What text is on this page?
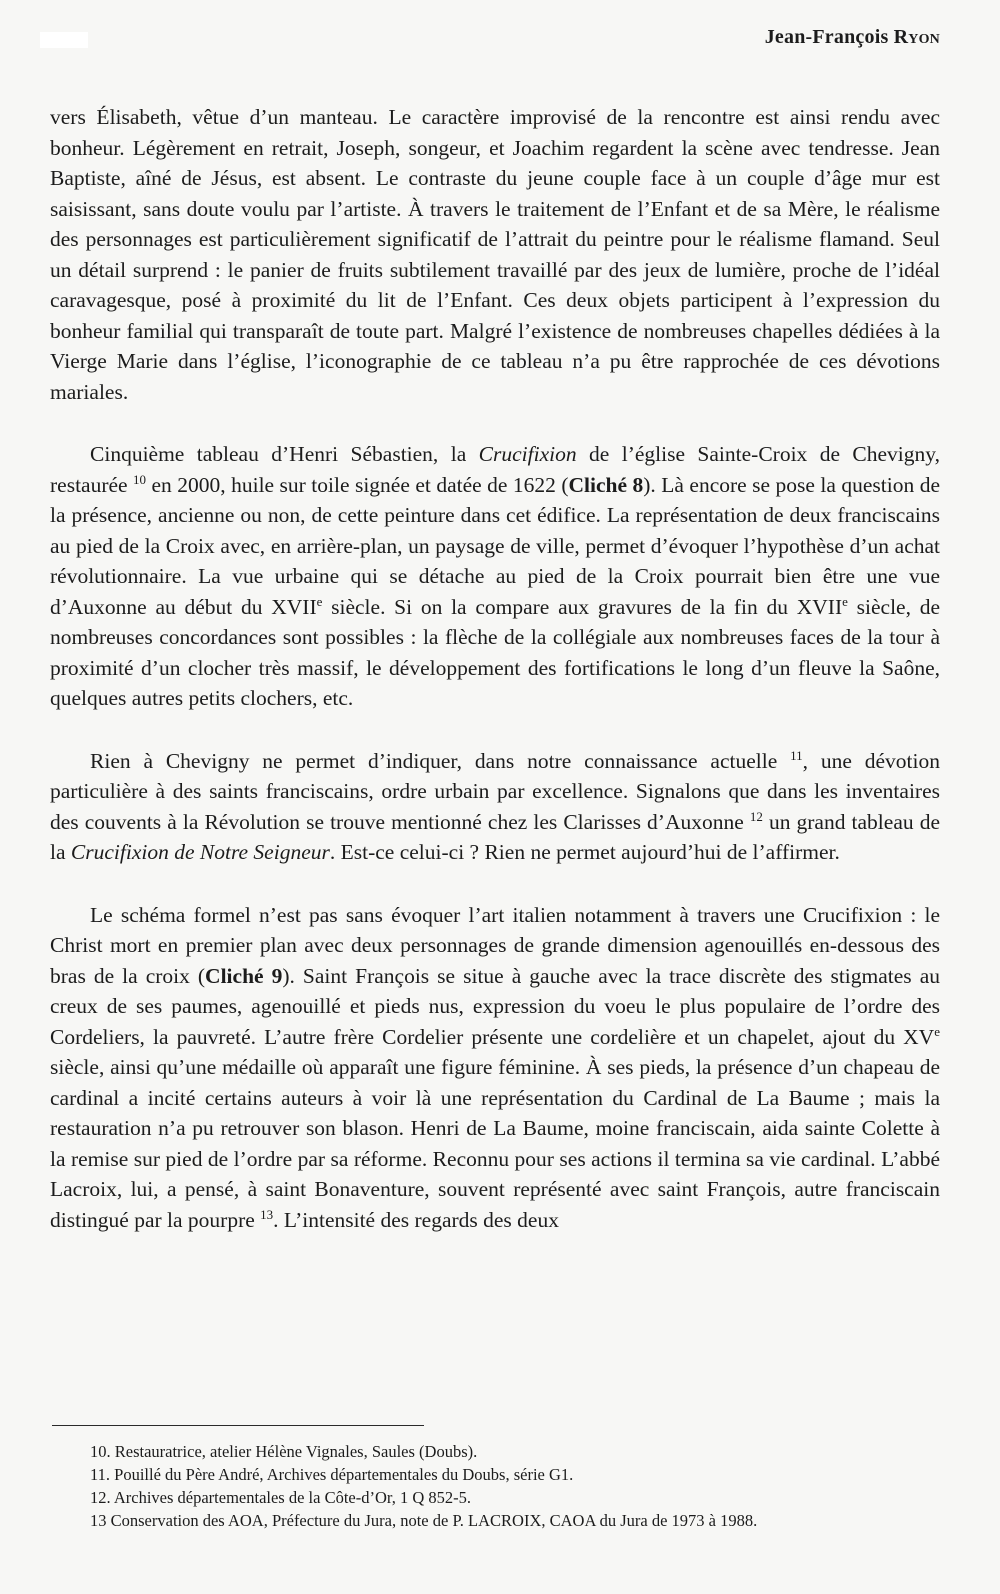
Jean-François Ryon

vers Élisabeth, vêtue d’un manteau. Le caractère improvisé de la rencontre est ainsi rendu avec bonheur. Légèrement en retrait, Joseph, songeur, et Joachim regardent la scène avec tendresse. Jean Baptiste, aîné de Jésus, est absent. Le contraste du jeune couple face à un couple d’âge mur est saisissant, sans doute voulu par l’artiste. À travers le traitement de l’Enfant et de sa Mère, le réalisme des personnages est particulièrement significatif de l’attrait du peintre pour le réalisme flamand. Seul un détail surprend : le panier de fruits subtilement travaillé par des jeux de lumière, proche de l’idéal caravagesque, posé à proximité du lit de l’Enfant. Ces deux objets participent à l’expression du bonheur familial qui transparaît de toute part. Malgré l’existence de nombreuses chapelles dédiées à la Vierge Marie dans l’église, l’iconographie de ce tableau n’a pu être rapprochée de ces dévotions mariales.

Cinquième tableau d’Henri Sébastien, la Crucifixion de l’église Sainte-Croix de Chevigny, restaurée $^{10}$ en 2000, huile sur toile signée et datée de 1622 (Cliché 8). Là encore se pose la question de la présence, ancienne ou non, de cette peinture dans cet édifice. La représentation de deux franciscains au pied de la Croix avec, en arrière-plan, un paysage de ville, permet d’évoquer l’hypothèse d’un achat révolutionnaire. La vue urbaine qui se détache au pied de la Croix pourrait bien être une vue d’Auxonne au début du XVIIe siècle. Si on la compare aux gravures de la fin du XVIIe siècle, de nombreuses concordances sont possibles : la flèche de la collégiale aux nombreuses faces de la tour à proximité d’un clocher très massif, le développement des fortifications le long d’un fleuve la Saône, quelques autres petits clochers, etc.

Rien à Chevigny ne permet d’indiquer, dans notre connaissance actuelle $^{11}$, une dévotion particulière à des saints franciscains, ordre urbain par excellence. Signalons que dans les inventaires des couvents à la Révolution se trouve mentionné chez les Clarisses d’Auxonne $^{12}$ un grand tableau de la Crucifixion de Notre Seigneur. Est-ce celui-ci ? Rien ne permet aujourd’hui de l’affirmer.

Le schéma formel n’est pas sans évoquer l’art italien notamment à travers une Crucifixion : le Christ mort en premier plan avec deux personnages de grande dimension agenouillés en-dessous des bras de la croix (Cliché 9). Saint François se situe à gauche avec la trace discrète des stigmates au creux de ses paumes, agenouillé et pieds nus, expression du voeu le plus populaire de l’ordre des Cordeliers, la pauvreté. L’autre frère Cordelier présente une cordelière et un chapelet, ajout du XVe siècle, ainsi qu’une médaille où apparaît une figure féminine. À ses pieds, la présence d’un chapeau de cardinal a incité certains auteurs à voir là une représentation du Cardinal de La Baume ; mais la restauration n’a pu retrouver son blason. Henri de La Baume, moine franciscain, aida sainte Colette à la remise sur pied de l’ordre par sa réforme. Reconnu pour ses actions il termina sa vie cardinal. L’abbé Lacroix, lui, a pensé, à saint Bonaventure, souvent représenté avec saint François, autre franciscain distingué par la pourpre $^{13}$. L’intensité des regards des deux

10. Restauratrice, atelier Hélène Vignales, Saules (Doubs).

11. Pouillé du Père André, Archives départementales du Doubs, série G1.

12. Archives départementales de la Côte-d’Or, 1 Q 852-5.

13 Conservation des AOA, Préfecture du Jura, note de P. LACROIX, CAOA du Jura de 1973 à 1988.
